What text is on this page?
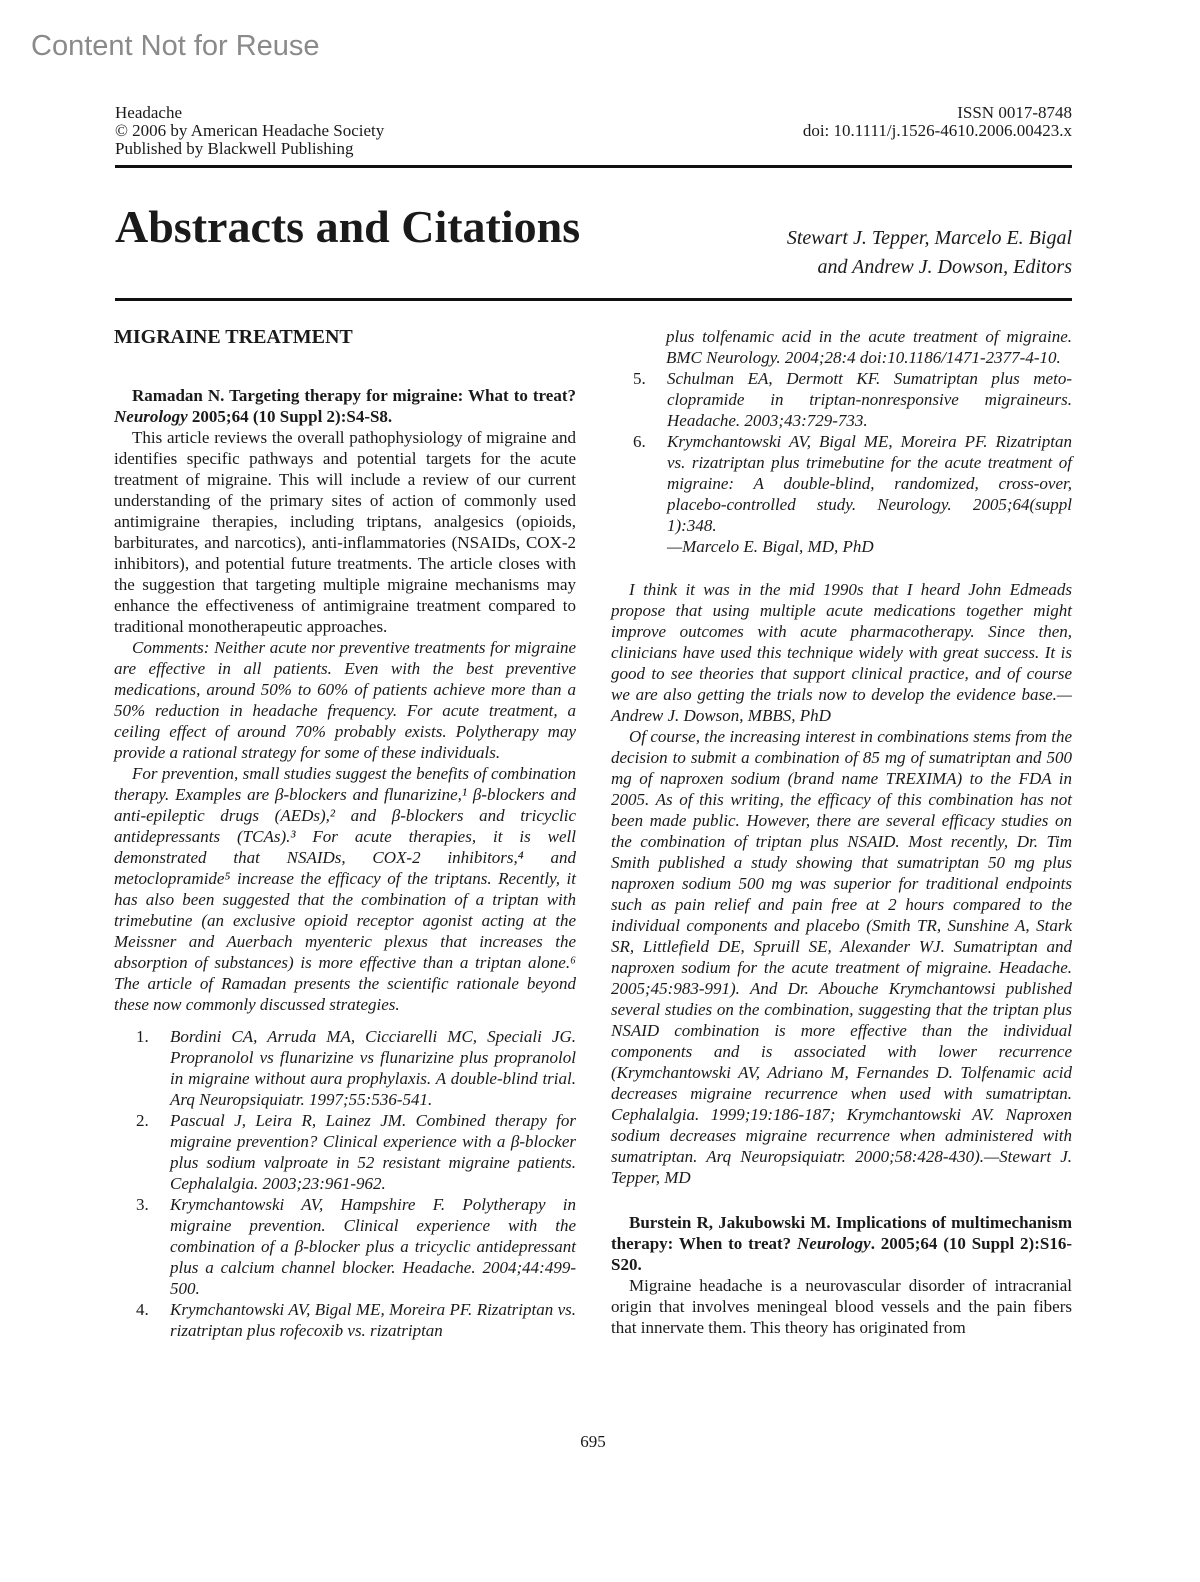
Content Not for Reuse
Headache
© 2006 by American Headache Society
Published by Blackwell Publishing
ISSN 0017-8748
doi: 10.1111/j.1526-4610.2006.00423.x
Abstracts and Citations	Stewart J. Tepper, Marcelo E. Bigal
and Andrew J. Dowson, Editors
MIGRAINE TREATMENT

Ramadan N. Targeting therapy for migraine: What to treat? Neurology 2005;64 (10 Suppl 2):S4-S8.

This article reviews the overall pathophysiology of migraine and identifies specific pathways and potential targets for the acute treatment of migraine. This will include a review of our current understanding of the primary sites of action of commonly used antimigraine therapies, including triptans, analgesics (opioids, barbiturates, and narcotics), anti-inflammatories (NSAIDs, COX-2 inhibitors), and potential future treatments. The article closes with the suggestion that targeting multiple migraine mechanisms may enhance the effectiveness of antimigraine treatment compared to traditional monotherapeutic approaches.

Comments: Neither acute nor preventive treatments for migraine are effective in all patients. Even with the best preventive medications, around 50% to 60% of patients achieve more than a 50% reduction in headache frequency. For acute treatment, a ceiling effect of around 70% probably exists. Polytherapy may provide a rational strategy for some of these individuals.

For prevention, small studies suggest the benefits of combination therapy. Examples are β-blockers and flunarizine,¹ β-blockers and anti-epileptic drugs (AEDs),² and β-blockers and tricyclic antidepressants (TCAs).³ For acute therapies, it is well demonstrated that NSAIDs, COX-2 inhibitors,⁴ and metoclopramide⁵ increase the efficacy of the triptans. Recently, it has also been suggested that the combination of a triptan with trimebutine (an exclusive opioid receptor agonist acting at the Meissner and Auerbach myenteric plexus that increases the absorption of substances) is more effective than a triptan alone.⁶ The article of Ramadan presents the scientific rationale beyond these now commonly discussed strategies.

1. Bordini CA, Arruda MA, Cicciarelli MC, Speciali JG. Propranolol vs flunarizine vs flunarizine plus propranolol in migraine without aura prophylaxis. A double-blind trial. Arq Neuropsiquiatr. 1997;55:536-541.
2. Pascual J, Leira R, Lainez JM. Combined therapy for migraine prevention? Clinical experience with a β-blocker plus sodium valproate in 52 resistant migraine patients. Cephalalgia. 2003;23:961-962.
3. Krymchantowski AV, Hampshire F. Polytherapy in migraine prevention. Clinical experience with the combination of a β-blocker plus a tricyclic antidepressant plus a calcium channel blocker. Headache. 2004;44:499-500.
4. Krymchantowski AV, Bigal ME, Moreira PF. Rizatriptan vs. rizatriptan plus rofecoxib vs. rizatriptan
plus tolfenamic acid in the acute treatment of migraine. BMC Neurology. 2004;28:4 doi:10.1186/1471-2377-4-10.
5. Schulman EA, Dermott KF. Sumatriptan plus metoclopramide in triptan-nonresponsive migraineurs. Headache. 2003;43:729-733.
6. Krymchantowski AV, Bigal ME, Moreira PF. Rizatriptan vs. rizatriptan plus trimebutine for the acute treatment of migraine: A double-blind, randomized, cross-over, placebo-controlled study. Neurology. 2005;64(suppl 1):348.

—Marcelo E. Bigal, MD, PhD

I think it was in the mid 1990s that I heard John Edmeads propose that using multiple acute medications together might improve outcomes with acute pharmacotherapy. Since then, clinicians have used this technique widely with great success. It is good to see theories that support clinical practice, and of course we are also getting the trials now to develop the evidence base.—Andrew J. Dowson, MBBS, PhD

Of course, the increasing interest in combinations stems from the decision to submit a combination of 85 mg of sumatriptan and 500 mg of naproxen sodium (brand name TREXIMA) to the FDA in 2005. As of this writing, the efficacy of this combination has not been made public. However, there are several efficacy studies on the combination of triptan plus NSAID. Most recently, Dr. Tim Smith published a study showing that sumatriptan 50 mg plus naproxen sodium 500 mg was superior for traditional endpoints such as pain relief and pain free at 2 hours compared to the individual components and placebo (Smith TR, Sunshine A, Stark SR, Littlefield DE, Spruill SE, Alexander WJ. Sumatriptan and naproxen sodium for the acute treatment of migraine. Headache. 2005;45:983-991). And Dr. Abouche Krymchantowsi published several studies on the combination, suggesting that the triptan plus NSAID combination is more effective than the individual components and is associated with lower recurrence (Krymchantowski AV, Adriano M, Fernandes D. Tolfenamic acid decreases migraine recurrence when used with sumatriptan. Cephalalgia. 1999;19:186-187; Krymchantowski AV. Naproxen sodium decreases migraine recurrence when administered with sumatriptan. Arq Neuropsiquiatr. 2000;58:428-430).—Stewart J. Tepper, MD

Burstein R, Jakubowski M. Implications of multimechanism therapy: When to treat? Neurology. 2005;64 (10 Suppl 2):S16-S20.

Migraine headache is a neurovascular disorder of intracranial origin that involves meningeal blood vessels and the pain fibers that innervate them. This theory has originated from

695
